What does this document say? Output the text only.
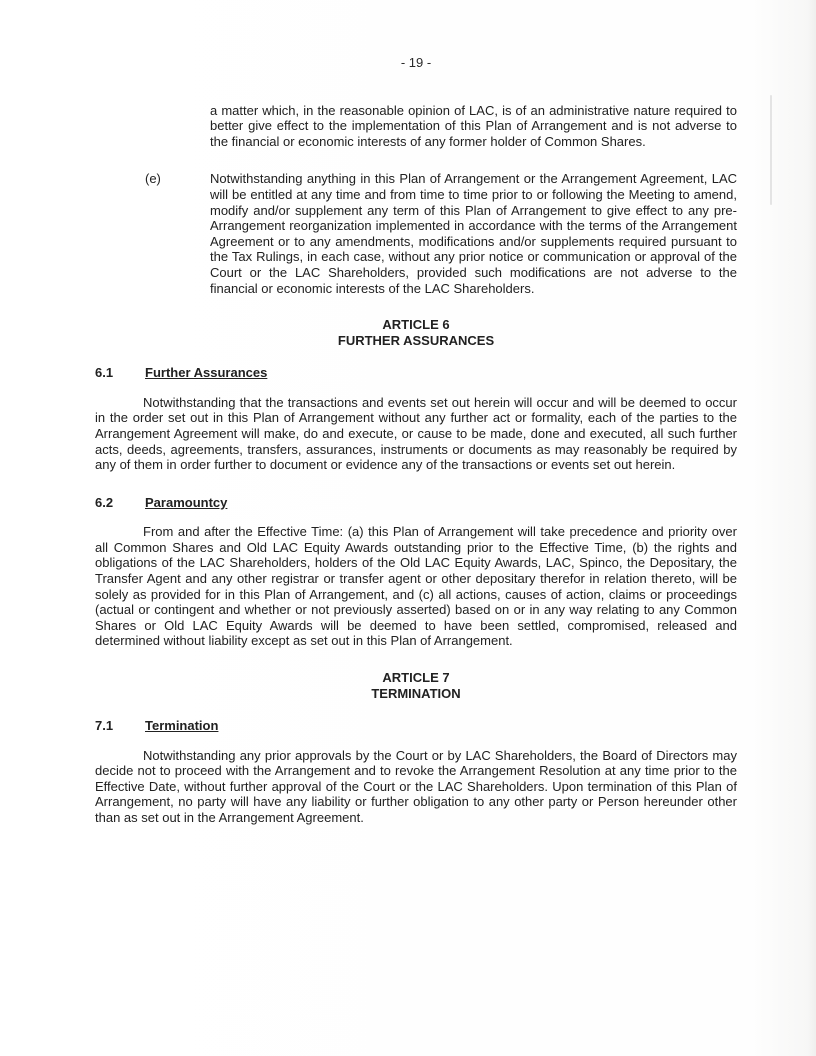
- 19 -
a matter which, in the reasonable opinion of LAC, is of an administrative nature required to better give effect to the implementation of this Plan of Arrangement and is not adverse to the financial or economic interests of any former holder of Common Shares.
(e)	Notwithstanding anything in this Plan of Arrangement or the Arrangement Agreement, LAC will be entitled at any time and from time to time prior to or following the Meeting to amend, modify and/or supplement any term of this Plan of Arrangement to give effect to any pre-Arrangement reorganization implemented in accordance with the terms of the Arrangement Agreement or to any amendments, modifications and/or supplements required pursuant to the Tax Rulings, in each case, without any prior notice or communication or approval of the Court or the LAC Shareholders, provided such modifications are not adverse to the financial or economic interests of the LAC Shareholders.
ARTICLE 6
FURTHER ASSURANCES
6.1 Further Assurances

Notwithstanding that the transactions and events set out herein will occur and will be deemed to occur in the order set out in this Plan of Arrangement without any further act or formality, each of the parties to the Arrangement Agreement will make, do and execute, or cause to be made, done and executed, all such further acts, deeds, agreements, transfers, assurances, instruments or documents as may reasonably be required by any of them in order further to document or evidence any of the transactions or events set out herein.

6.2 Paramountcy

From and after the Effective Time: (a) this Plan of Arrangement will take precedence and priority over all Common Shares and Old LAC Equity Awards outstanding prior to the Effective Time, (b) the rights and obligations of the LAC Shareholders, holders of the Old LAC Equity Awards, LAC, Spinco, the Depositary, the Transfer Agent and any other registrar or transfer agent or other depositary therefor in relation thereto, will be solely as provided for in this Plan of Arrangement, and (c) all actions, causes of action, claims or proceedings (actual or contingent and whether or not previously asserted) based on or in any way relating to any Common Shares or Old LAC Equity Awards will be deemed to have been settled, compromised, released and determined without liability except as set out in this Plan of Arrangement.

ARTICLE 7
TERMINATION
7.1 Termination

Notwithstanding any prior approvals by the Court or by LAC Shareholders, the Board of Directors may decide not to proceed with the Arrangement and to revoke the Arrangement Resolution at any time prior to the Effective Date, without further approval of the Court or the LAC Shareholders. Upon termination of this Plan of Arrangement, no party will have any liability or further obligation to any other party or Person hereunder other than as set out in the Arrangement Agreement.
